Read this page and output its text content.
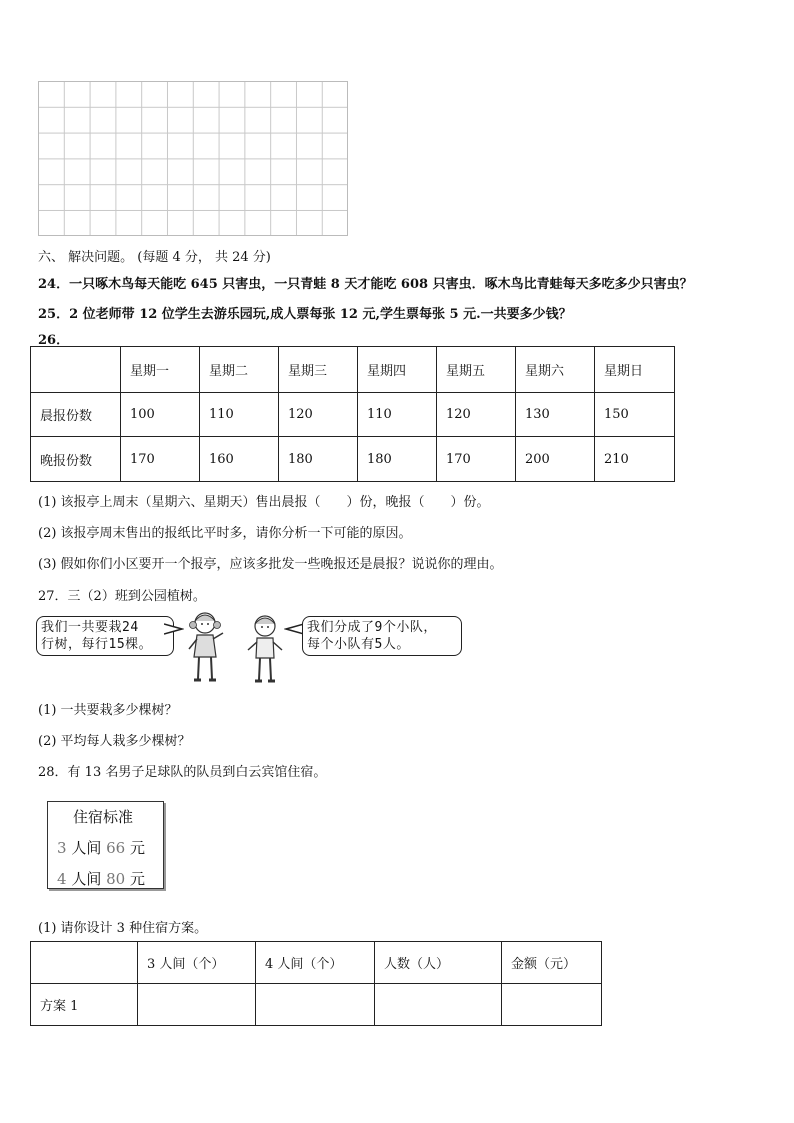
六、 解决问题。 (每题 4 分， 共 24 分)
24．一只啄木鸟每天能吃 645 只害虫，一只青蛙 8 天才能吃 608 只害虫．啄木鸟比青蛙每天多吃多少只害虫？
25．2 位老师带 12 位学生去游乐园玩,成人票每张 12 元,学生票每张 5 元.一共要多少钱？
26．
	星期一	星期二	星期三	星期四	星期五	星期六	星期日
晨报份数	100	110	120	110	120	130	150
晚报份数	170	160	180	180	170	200	210
(1) 该报亭上周末（星期六、星期天）售出晨报（　　）份，晚报（　　）份。
(2) 该报亭周末售出的报纸比平时多，请你分析一下可能的原因。
(3) 假如你们小区要开一个报亭，应该多批发一些晚报还是晨报？说说你的理由。
27．三（2）班到公园植树。
我们一共要栽24
行树，每行15棵。
我们分成了9个小队，
每个小队有5人。
(1) 一共要栽多少棵树？
(2) 平均每人栽多少棵树？
28．有 13 名男子足球队的队员到白云宾馆住宿。
住宿标准
3 人间 66 元
4 人间 80 元
(1) 请你设计 3 种住宿方案。
	3 人间（个）	4 人间（个）	人数（人）	金额（元）
方案 1				
